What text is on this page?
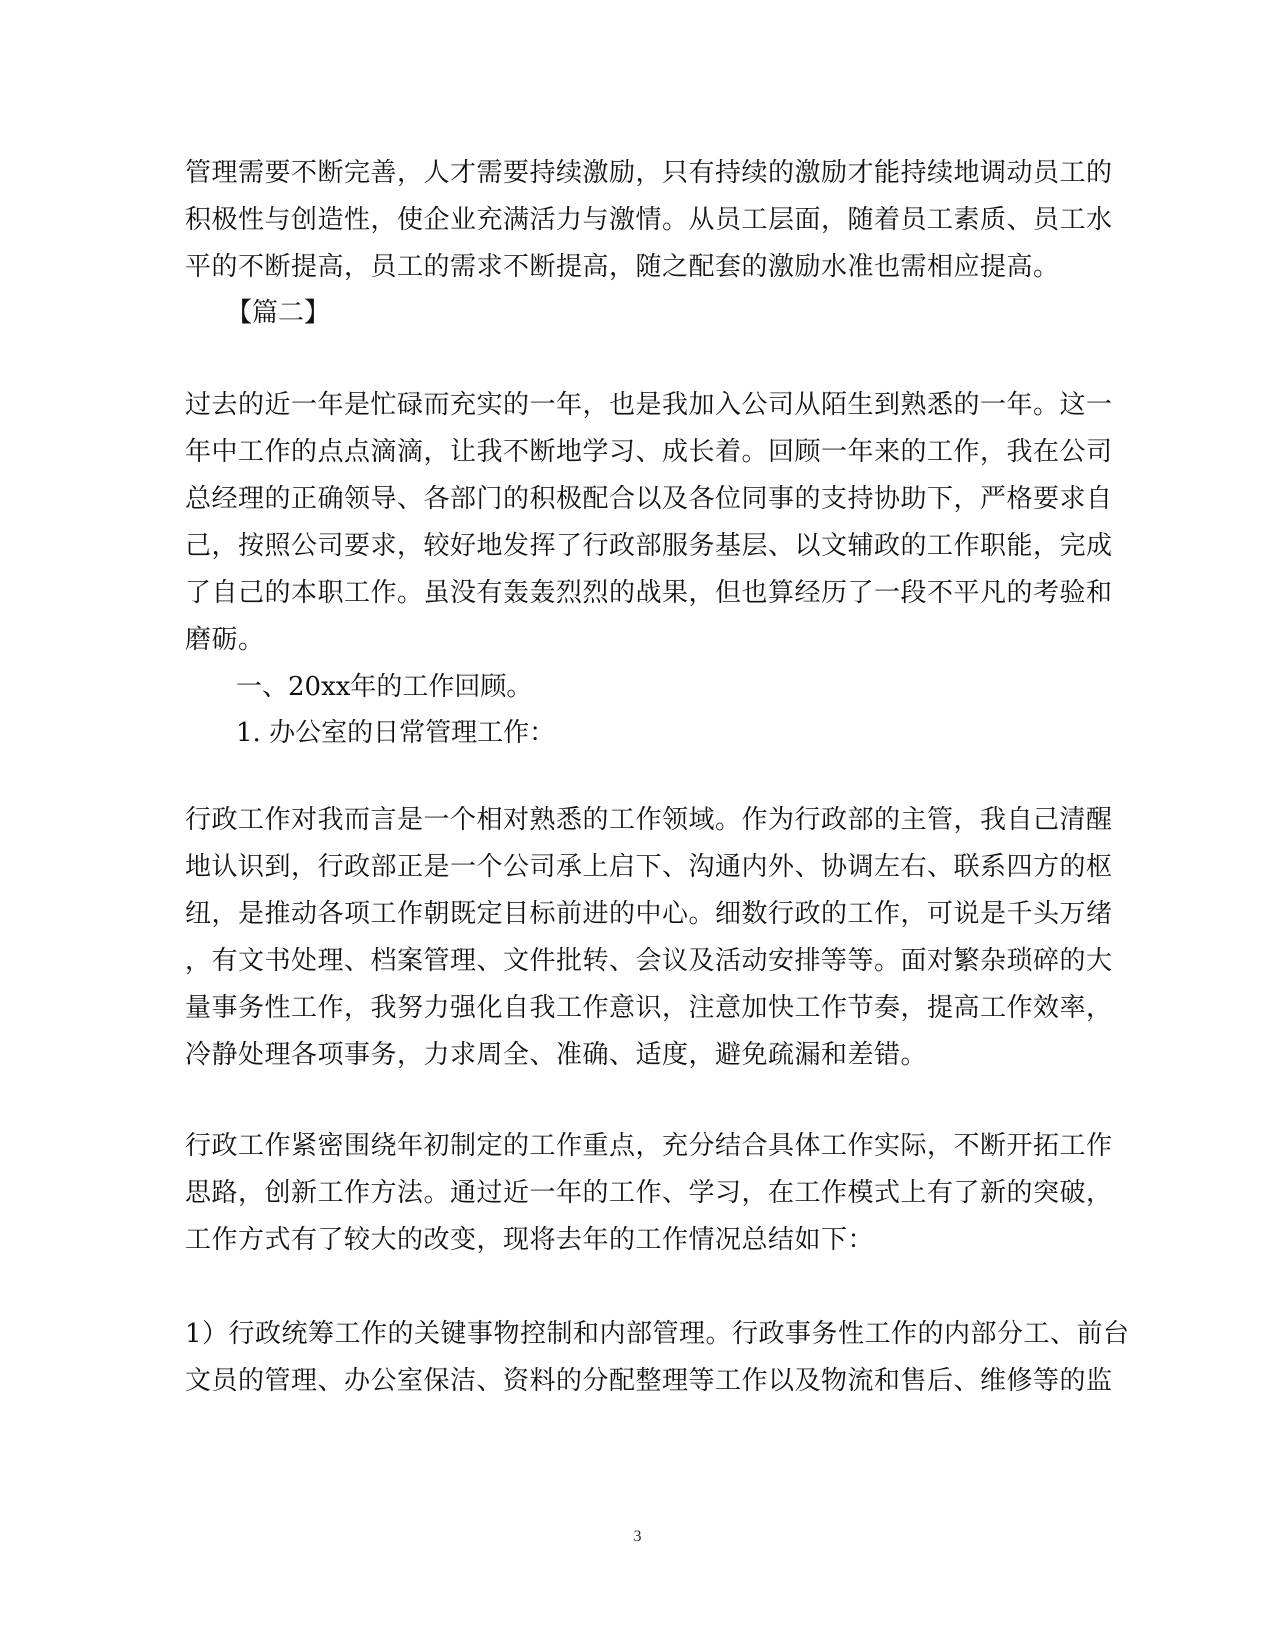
管理需要不断完善，人才需要持续激励，只有持续的激励才能持续地调动员工的
积极性与创造性，使企业充满活力与激情。从员工层面，随着员工素质、员工水
平的不断提高，员工的需求不断提高，随之配套的激励水准也需相应提高。
【篇二】
过去的近一年是忙碌而充实的一年，也是我加入公司从陌生到熟悉的一年。这一
年中工作的点点滴滴，让我不断地学习、成长着。回顾一年来的工作，我在公司
总经理的正确领导、各部门的积极配合以及各位同事的支持协助下，严格要求自
己，按照公司要求，较好地发挥了行政部服务基层、以文辅政的工作职能，完成
了自己的本职工作。虽没有轰轰烈烈的战果，但也算经历了一段不平凡的考验和
磨砺。
一、20xx年的工作回顾。
1. 办公室的日常管理工作：
行政工作对我而言是一个相对熟悉的工作领域。作为行政部的主管，我自己清醒
地认识到，行政部正是一个公司承上启下、沟通内外、协调左右、联系四方的枢
纽，是推动各项工作朝既定目标前进的中心。细数行政的工作，可说是千头万绪
，有文书处理、档案管理、文件批转、会议及活动安排等等。面对繁杂琐碎的大
量事务性工作，我努力强化自我工作意识，注意加快工作节奏，提高工作效率，
冷静处理各项事务，力求周全、准确、适度，避免疏漏和差错。
行政工作紧密围绕年初制定的工作重点，充分结合具体工作实际，不断开拓工作
思路，创新工作方法。通过近一年的工作、学习，在工作模式上有了新的突破，
工作方式有了较大的改变，现将去年的工作情况总结如下：
1）行政统筹工作的关键事物控制和内部管理。行政事务性工作的内部分工、前台
文员的管理、办公室保洁、资料的分配整理等工作以及物流和售后、维修等的监
3
